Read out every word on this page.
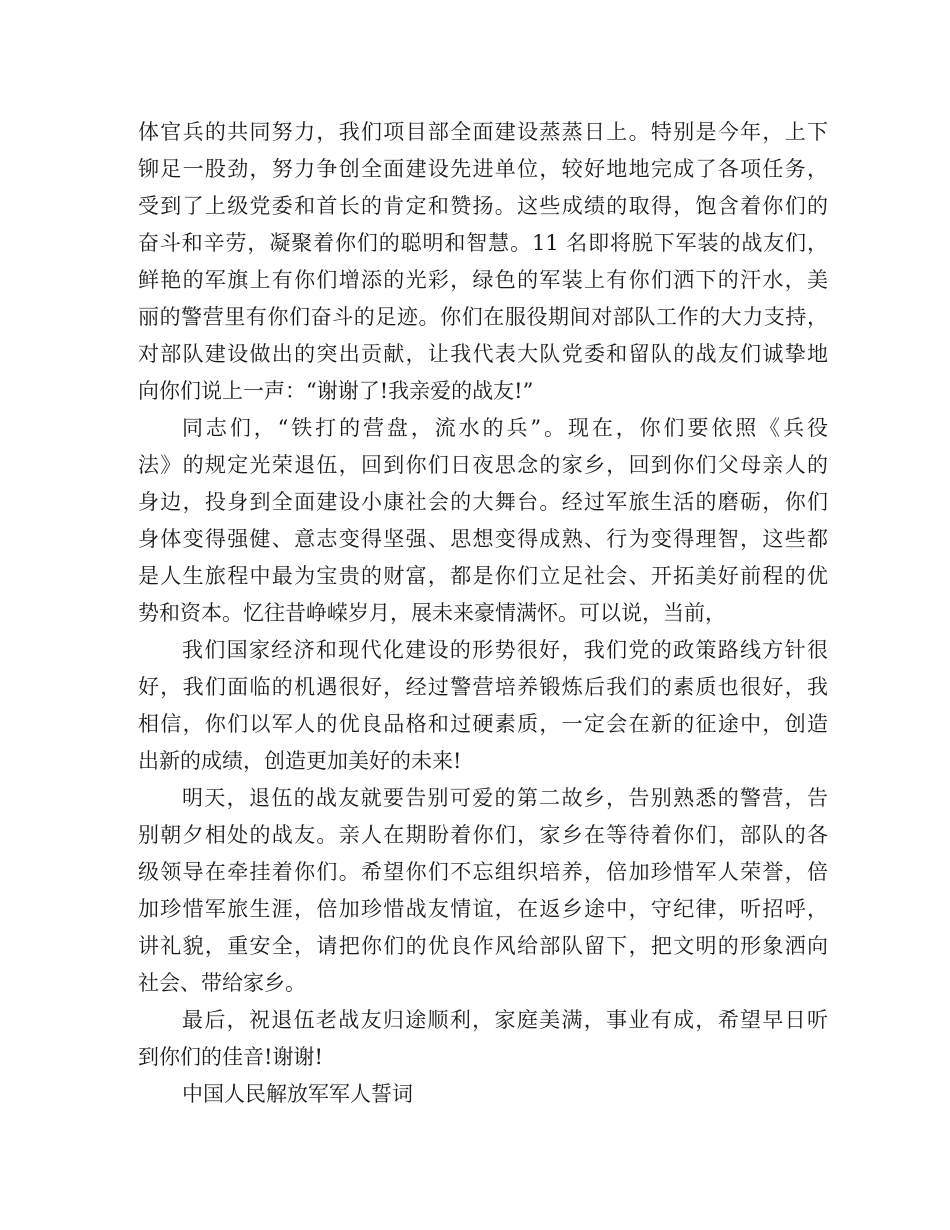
体官兵的共同努力，我们项目部全面建设蒸蒸日上。特别是今年，上下
铆足一股劲，努力争创全面建设先进单位，较好地地完成了各项任务，
受到了上级党委和首长的肯定和赞扬。这些成绩的取得，饱含着你们的
奋斗和辛劳，凝聚着你们的聪明和智慧。11 名即将脱下军装的战友们，
鲜艳的军旗上有你们增添的光彩，绿色的军装上有你们洒下的汗水，美
丽的警营里有你们奋斗的足迹。你们在服役期间对部队工作的大力支持，
对部队建设做出的突出贡献，让我代表大队党委和留队的战友们诚挚地
向你们说上一声：“谢谢了!我亲爱的战友!”
同志们，“铁打的营盘，流水的兵”。现在，你们要依照《兵役
法》的规定光荣退伍，回到你们日夜思念的家乡，回到你们父母亲人的
身边，投身到全面建设小康社会的大舞台。经过军旅生活的磨砺，你们
身体变得强健、意志变得坚强、思想变得成熟、行为变得理智，这些都
是人生旅程中最为宝贵的财富，都是你们立足社会、开拓美好前程的优
势和资本。忆往昔峥嵘岁月，展未来豪情满怀。可以说，当前，
我们国家经济和现代化建设的形势很好，我们党的政策路线方针很
好，我们面临的机遇很好，经过警营培养锻炼后我们的素质也很好，我
相信，你们以军人的优良品格和过硬素质，一定会在新的征途中，创造
出新的成绩，创造更加美好的未来!
明天，退伍的战友就要告别可爱的第二故乡，告别熟悉的警营，告
别朝夕相处的战友。亲人在期盼着你们，家乡在等待着你们，部队的各
级领导在牵挂着你们。希望你们不忘组织培养，倍加珍惜军人荣誉，倍
加珍惜军旅生涯，倍加珍惜战友情谊，在返乡途中，守纪律，听招呼，
讲礼貌，重安全，请把你们的优良作风给部队留下，把文明的形象洒向
社会、带给家乡。
最后，祝退伍老战友归途顺利，家庭美满，事业有成，希望早日听
到你们的佳音!谢谢!
中国人民解放军军人誓词
